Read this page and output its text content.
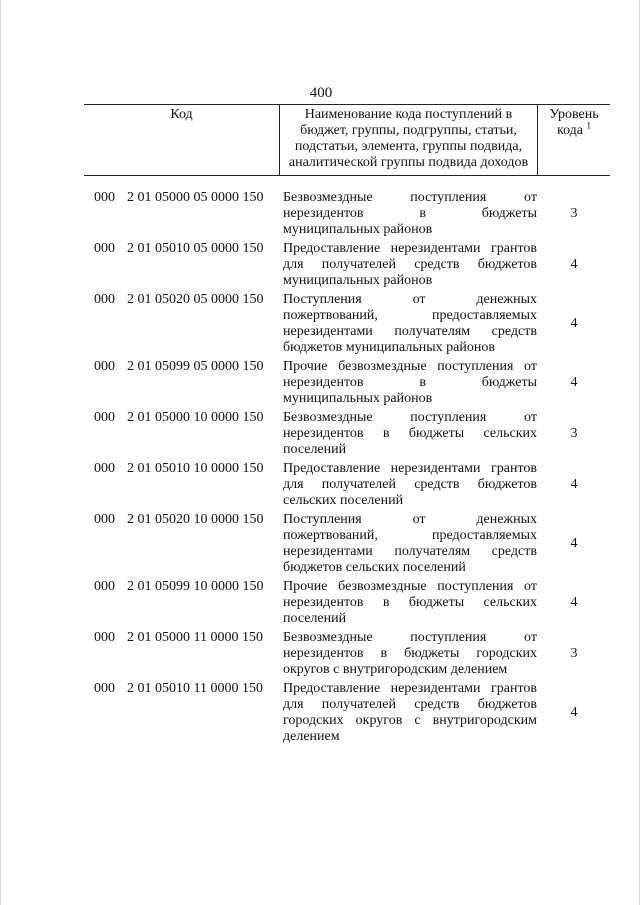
400
Код	Наименование кода поступлений в
бюджет, группы, подгруппы, статьи,
подстатьи, элемента, группы подвида,
аналитической группы подвида доходов
Уровень
кода $^1$
000 2 01 05000 05 0000 150	Безвозмездные поступления от
нерезидентов в бюджеты
муниципальных районов
3
000 2 01 05010 05 0000 150	Предоставление нерезидентами грантов
для получателей средств бюджетов
муниципальных районов
4
000 2 01 05020 05 0000 150	Поступления от денежных
пожертвований, предоставляемых
нерезидентами получателям средств
бюджетов муниципальных районов
4
000 2 01 05099 05 0000 150	Прочие безвозмездные поступления от
нерезидентов в бюджеты
муниципальных районов
4
000 2 01 05000 10 0000 150	Безвозмездные поступления от
нерезидентов в бюджеты сельских
поселений
3
000 2 01 05010 10 0000 150	Предоставление нерезидентами грантов
для получателей средств бюджетов
сельских поселений
4
000 2 01 05020 10 0000 150	Поступления от денежных
пожертвований, предоставляемых
нерезидентами получателям средств
бюджетов сельских поселений
4
000 2 01 05099 10 0000 150	Прочие безвозмездные поступления от
нерезидентов в бюджеты сельских
поселений
4
000 2 01 05000 11 0000 150	Безвозмездные поступления от
нерезидентов в бюджеты городских
округов с внутригородским делением
3
000 2 01 05010 11 0000 150	Предоставление нерезидентами грантов
для получателей средств бюджетов
городских округов с внутригородским
делением
4
